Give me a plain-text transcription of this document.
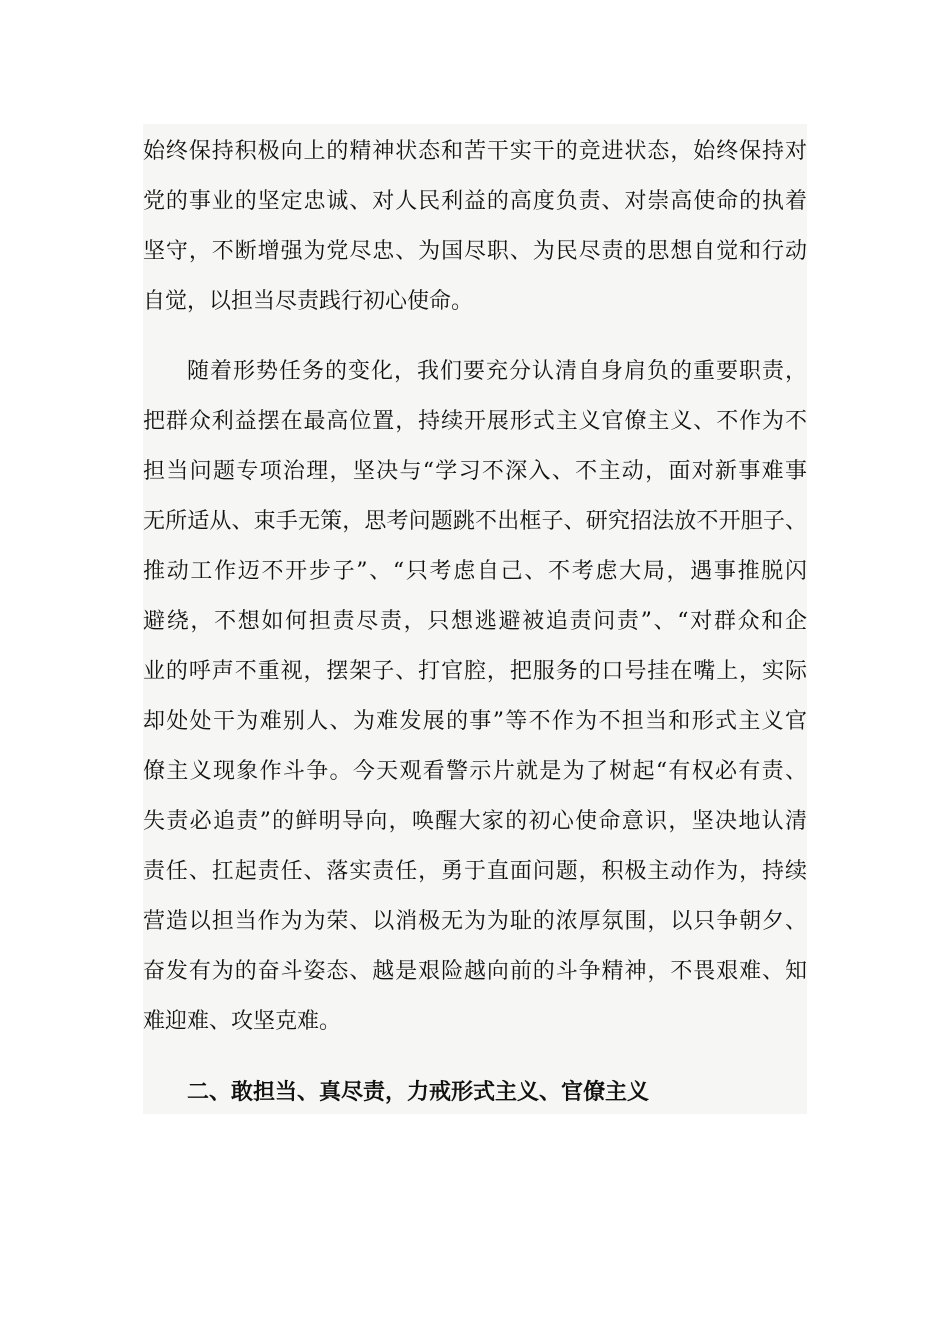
始终保持积极向上的精神状态和苦干实干的竞进状态，始终保持对
党的事业的坚定忠诚、对人民利益的高度负责、对崇高使命的执着
坚守，不断增强为党尽忠、为国尽职、为民尽责的思想自觉和行动
自觉，以担当尽责践行初心使命。
随着形势任务的变化，我们要充分认清自身肩负的重要职责，
把群众利益摆在最高位置，持续开展形式主义官僚主义、不作为不
担当问题专项治理，坚决与“学习不深入、不主动，面对新事难事
无所适从、束手无策，思考问题跳不出框子、研究招法放不开胆子、
推动工作迈不开步子”、“只考虑自己、不考虑大局，遇事推脱闪
避绕，不想如何担责尽责，只想逃避被追责问责”、“对群众和企
业的呼声不重视，摆架子、打官腔，把服务的口号挂在嘴上，实际
却处处干为难别人、为难发展的事”等不作为不担当和形式主义官
僚主义现象作斗争。今天观看警示片就是为了树起“有权必有责、
失责必追责”的鲜明导向，唤醒大家的初心使命意识，坚决地认清
责任、扛起责任、落实责任，勇于直面问题，积极主动作为，持续
营造以担当作为为荣、以消极无为为耻的浓厚氛围，以只争朝夕、
奋发有为的奋斗姿态、越是艰险越向前的斗争精神，不畏艰难、知
难迎难、攻坚克难。
二、敢担当、真尽责，力戒形式主义、官僚主义
